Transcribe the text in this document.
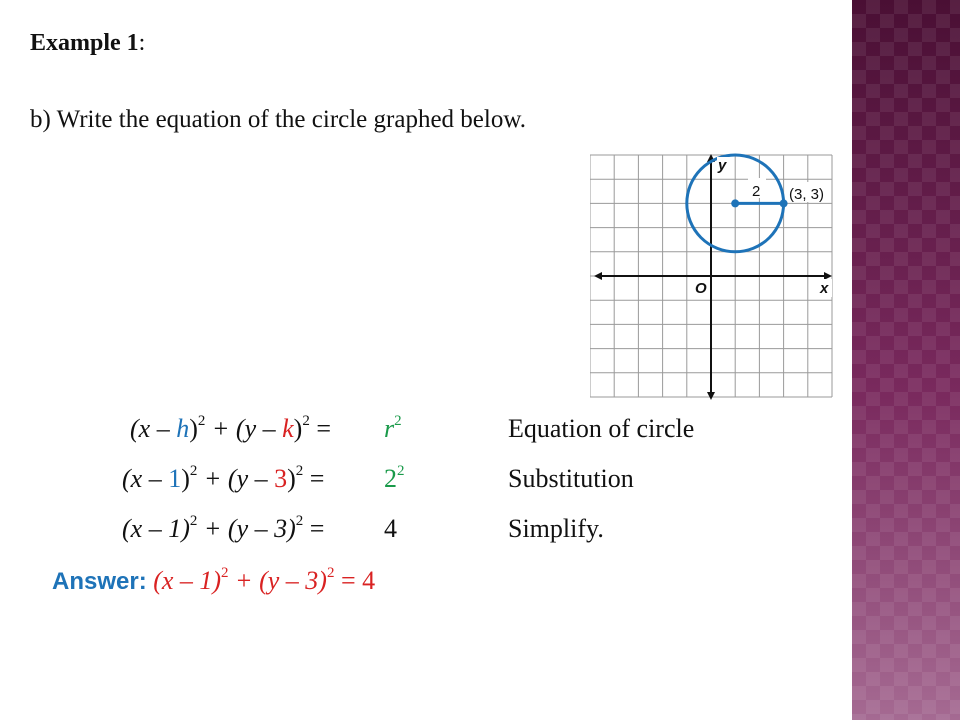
Example 1:
b) Write the equation of the circle graphed below.
2 (3, 3)
y
x
O
$(x - h)^2 + (y - k)^2 = r^2$	Equation of circle
$(x - 1)^2 + (y - 3)^2 = 2^2$	Substitution
(x – 1)$^2$ + (y – 3)$^2$ = 4	Simplify.
Answer: (x – 1)$^2$ + (y – 3)$^2$ = 4
